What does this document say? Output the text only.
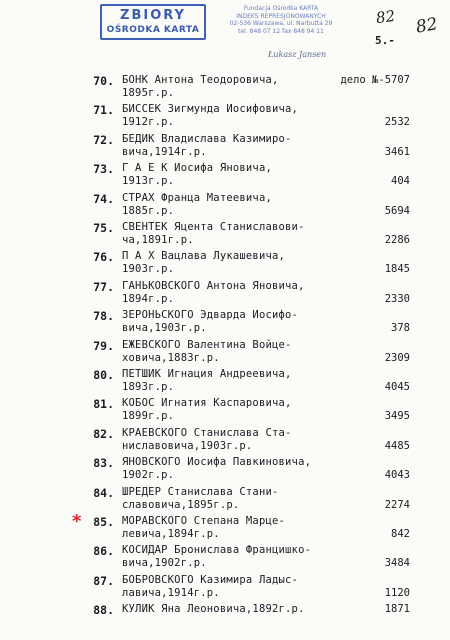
ZBIORY
OŚRODKA KARTA
Fundacja Ośrodka KARTA
INDEKS REPRESJONOWANYCH
02-536 Warszawa, ul. Narbutta 29
tel. 848 07 12 fax 848 94 11
Łukasz Jansen
82 82
5.-
70. БОНК Антона Теодоровича,
1895г.р.
дело №-5707
71. БИССЕК Зигмунда Иосифовича,
1912г.р.	2532
72. БЕДИК Владислава Казимиро-
вича,1914г.р.	3461
73. Г А Е К Иосифа Яновича,
1913г.р.	404
74. СТРАХ Франца Матеевича,
1885г.р.	5694
75. СВЕНТЕК Яцента Станиславови-
ча,1891г.р.	2286
76. П А Х Вацлава Лукашевича,
1903г.р.	1845
77. ГАНЬКОВСКОГО Антона Яновича,
1894г.р.	2330
78. ЗЕРОНЬСКОГО Эдварда Иосифо-
вича,1903г.р.	378
79. ЕЖЕВСКОГО Валентина Войце-
ховича,1883г.р.	2309
80. ПЕТШИК Игнация Андреевича,
1893г.р.	4045
81. КОБОС Игнатия Каспаровича,
1899г.р.	3495
82. КРАЕВСКОГО Станислава Ста-
ниславовича,1903г.р.	4485
83. ЯНОВСКОГО Иосифа Павкиновича,
1902г.р.	4043
84. ШРЕДЕР Станислава Стани-
славовича,1895г.р.	2274
* 85. МОРАВСКОГО Степана Марце-
левича,1894г.р.	842
86. КОСИДАР Бронислава Францишко-
вича,1902г.р.	3484
87. БОБРОВСКОГО Казимира Ладыс-
лавича,1914г.р.	1120
88. КУЛИК Яна Леоновича,1892г.р.	1871
